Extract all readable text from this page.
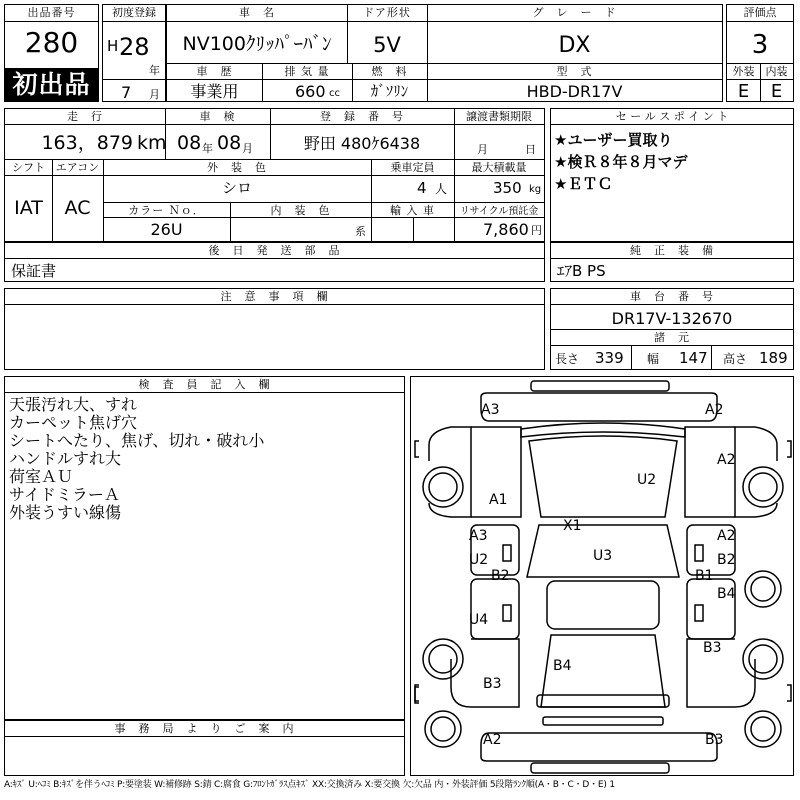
出品番号
280
初出品
初度登録
H 28
年
7 月
車　名	ドア形状	グ　レ　ー　ド
NV100ｸﾘｯﾊﾟｰﾊﾞﾝ	5V	DX
車　歴	排 気 量	燃　料	型　式
事業用	660 cc	ｶﾞｿﾘﾝ	HBD-DR17V
評価点
3
外装	内装
E	E
走　行	車　検	登　録　番　号	譲渡書類期限
163，879 km 08 年 08 月	野田 480ｹ6438	月	日
シフト エアコン	外　装　色	乗車定員	最大積載量
IAT	AC
シロ	4 人	350 kg
カラー Ｎｏ．	内　装　色	輸 入 車	リサイクル預託金
26U	系	7,860 円
セ ー ル ス ポ イ ン ト
★ユーザー買取り
★検Ｒ８年８月マデ
★ＥＴＣ
後　日　発　送　部　品
保証書
純　正　装　備
ｴｱB PS
注　意　事　項　欄	車　台　番　号
DR17V-132670
諸　元
長さ 339 幅 147 高さ 189
検　査　員　記　入　欄
天張汚れ大、すれ
カーペット焦げ穴
シートへたり、焦げ、切れ・破れ小
ハンドルすれ大
荷室ＡＵ
サイドミラーＡ
外装うすい線傷
事　務　局　よ　り　ご　案　内
A3	A2
A2
A1
U2
X1
A3	A2
U2
B2
U3	B2
B1
B4
U4
B3
B4
B3
A2	B3
A:ｷｽﾞ U:ﾍｺﾐ B:ｷｽﾞを伴うﾍｺﾐ P:要塗装 W:補修跡 S:錆 C:腐食 G:ﾌﾛﾝﾄｶﾞﾗｽ点ｷｽﾞ XX:交換済み X:要交換 欠:欠品 内・外装評価 5段階ﾗﾝｸ順(A・B・C・D・E) 1
